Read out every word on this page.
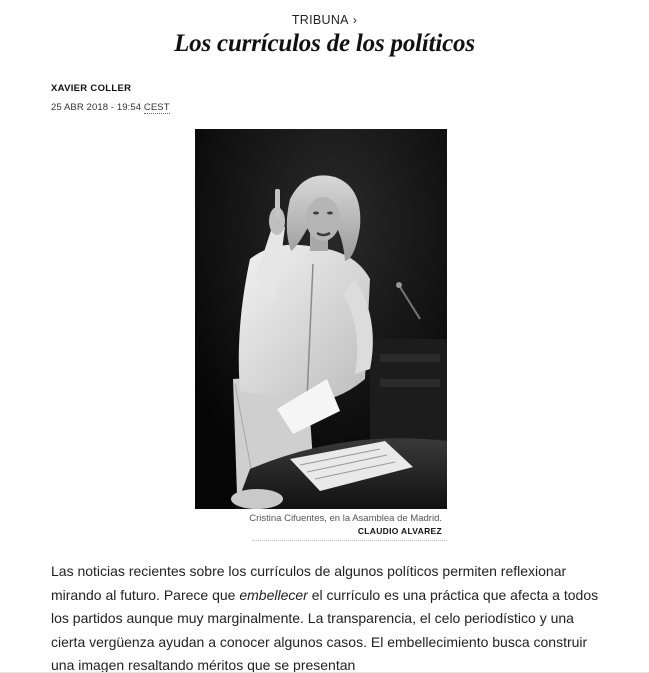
TRIBUNA ›
Los currículos de los políticos
XAVIER COLLER
25 ABR 2018 - 19:54 CEST
Cristina Cifuentes, en la Asamblea de Madrid.
CLAUDIO ALVAREZ

Las noticias recientes sobre los currículos de algunos políticos permiten reflexionar mirando al futuro. Parece que embellecer el currículo es una práctica que afecta a todos los partidos aunque muy marginalmente. La transparencia, el celo periodístico y una cierta vergüenza ayudan a conocer algunos casos. El embellecimiento busca construir una imagen resaltando méritos que se presentan
